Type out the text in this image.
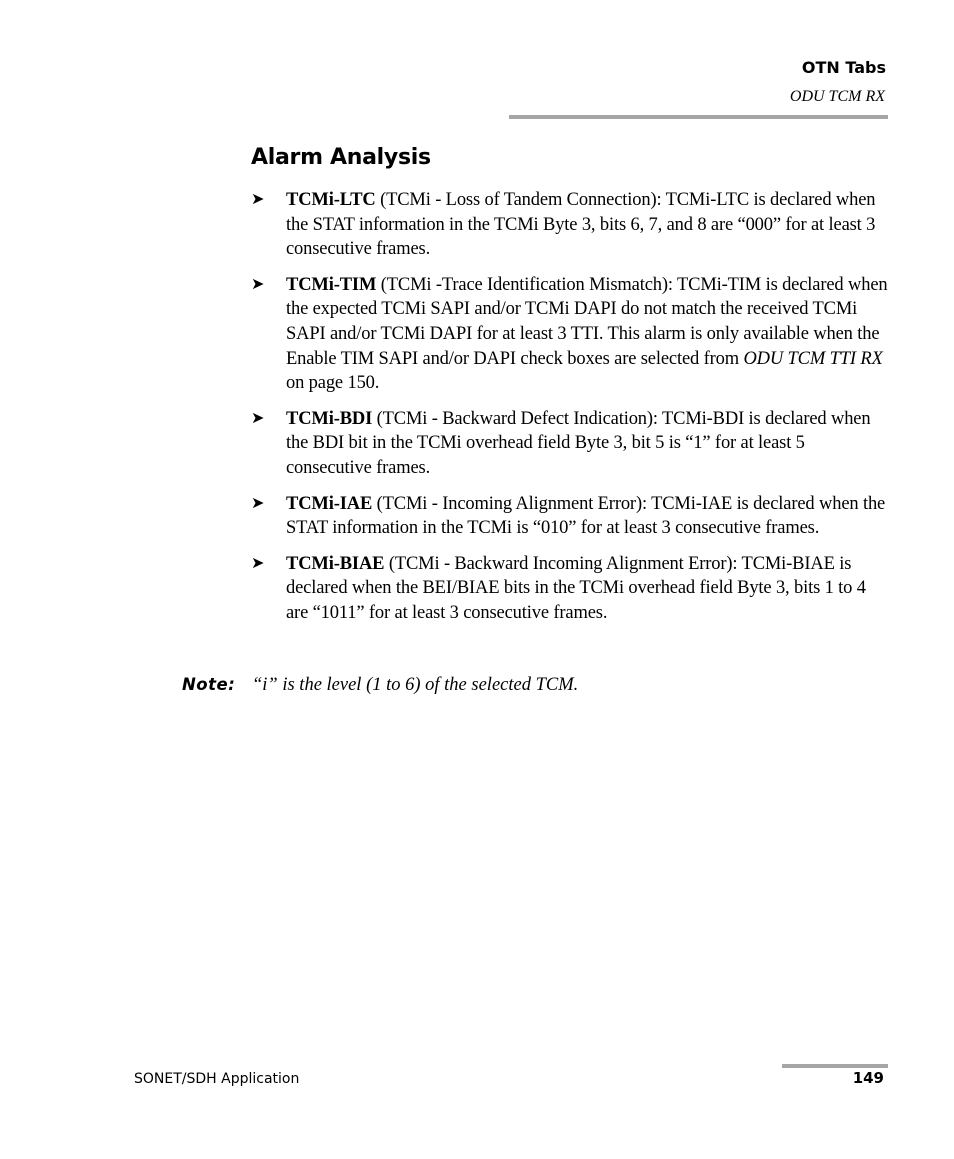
OTN Tabs
ODU TCM RX
Alarm Analysis
➤	TCMi-LTC (TCMi - Loss of Tandem Connection): TCMi-LTC is declared when the STAT information in the TCMi Byte 3, bits 6, 7, and 8 are “000” for at least 3 consecutive frames.
➤	TCMi-TIM (TCMi -Trace Identification Mismatch): TCMi-TIM is declared when the expected TCMi SAPI and/or TCMi DAPI do not match the received TCMi SAPI and/or TCMi DAPI for at least 3 TTI. This alarm is only available when the Enable TIM SAPI and/or DAPI check boxes are selected from ODU TCM TTI RX on page 150.
➤	TCMi-BDI (TCMi - Backward Defect Indication): TCMi-BDI is declared when the BDI bit in the TCMi overhead field Byte 3, bit 5 is “1” for at least 5 consecutive frames.
➤	TCMi-IAE (TCMi - Incoming Alignment Error): TCMi-IAE is declared when the STAT information in the TCMi is “010” for at least 3 consecutive frames.
➤	TCMi-BIAE (TCMi - Backward Incoming Alignment Error): TCMi-BIAE is declared when the BEI/BIAE bits in the TCMi overhead field Byte 3, bits 1 to 4 are “1011” for at least 3 consecutive frames.
Note: “i” is the level (1 to 6) of the selected TCM.
SONET/SDH Application	149
